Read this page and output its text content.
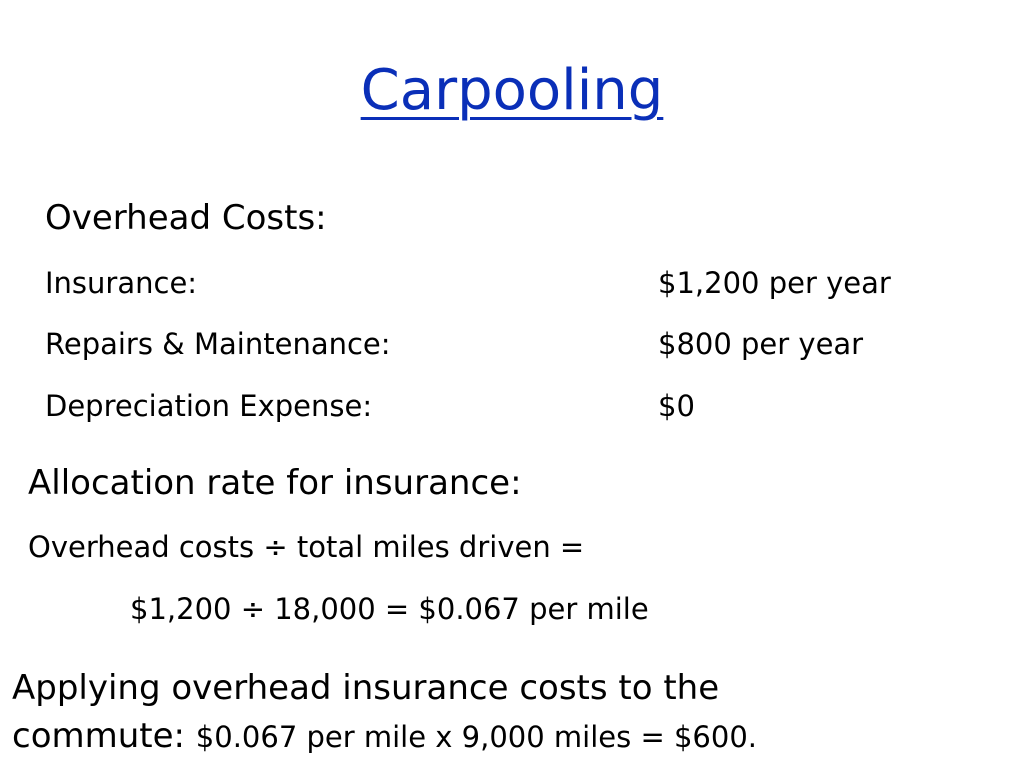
Carpooling
Overhead Costs:
Insurance:	$1,200 per year
Repairs & Maintenance:	$800 per year
Depreciation Expense:	$0
Allocation rate for insurance:
Overhead costs ÷ total miles driven =
$1,200 ÷ 18,000 = $0.067 per mile
Applying overhead insurance costs to the
commute: $0.067 per mile x 9,000 miles = $600.
